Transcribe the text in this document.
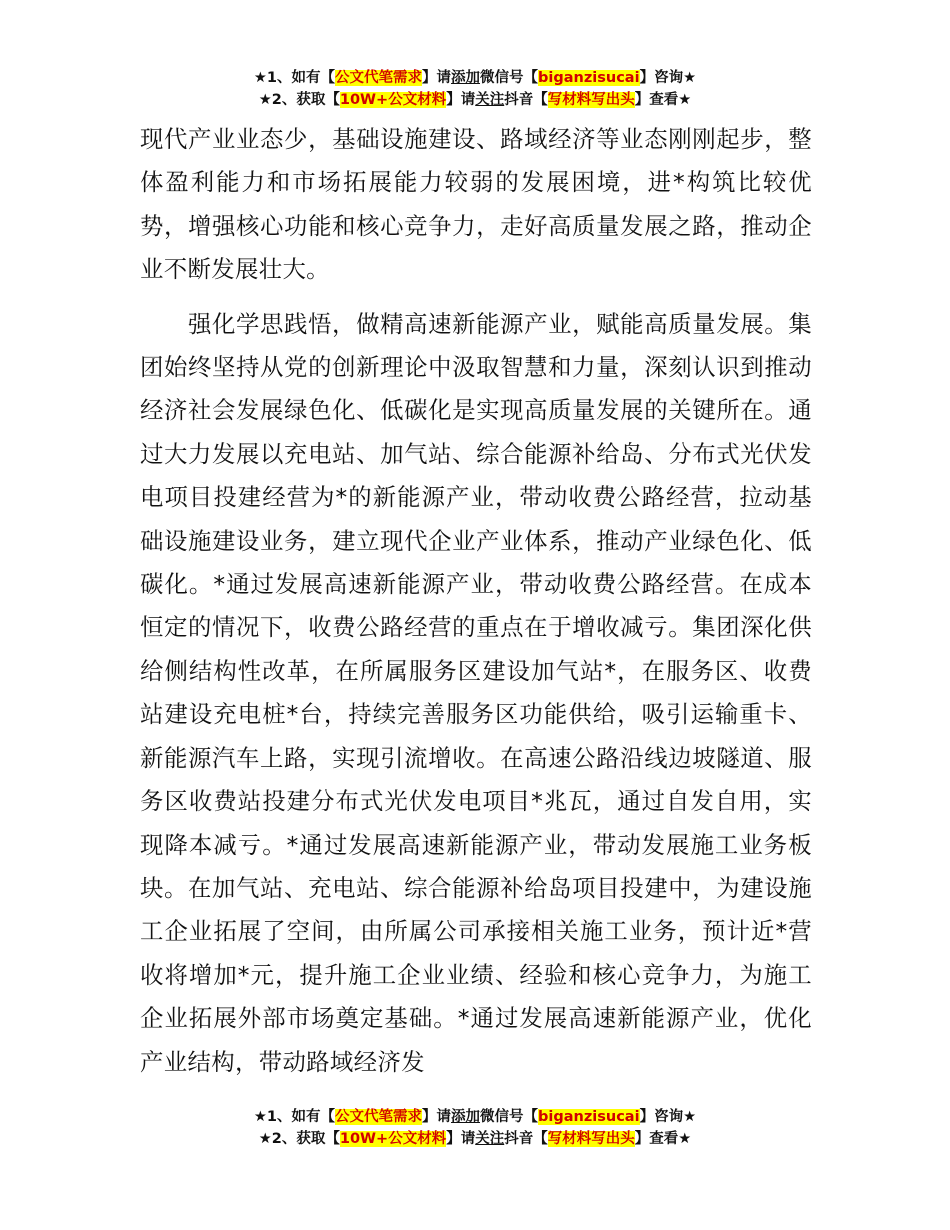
★1、如有【公文代笔需求】请添加微信号【biganzisucai】咨询★
★2、获取【10W+公文材料】请关注抖音【写材料写出头】查看★

现代产业业态少，基础设施建设、路域经济等业态刚刚起步，整体盈利能力和市场拓展能力较弱的发展困境，进*构筑比较优势，增强核心功能和核心竞争力，走好高质量发展之路，推动企业不断发展壮大。

强化学思践悟，做精高速新能源产业，赋能高质量发展。集团始终坚持从党的创新理论中汲取智慧和力量，深刻认识到推动经济社会发展绿色化、低碳化是实现高质量发展的关键所在。通过大力发展以充电站、加气站、综合能源补给岛、分布式光伏发电项目投建经营为*的新能源产业，带动收费公路经营，拉动基础设施建设业务，建立现代企业产业体系，推动产业绿色化、低碳化。*通过发展高速新能源产业，带动收费公路经营。在成本恒定的情况下，收费公路经营的重点在于增收减亏。集团深化供给侧结构性改革，在所属服务区建设加气站*，在服务区、收费站建设充电桩*台，持续完善服务区功能供给，吸引运输重卡、新能源汽车上路，实现引流增收。在高速公路沿线边坡隧道、服务区收费站投建分布式光伏发电项目*兆瓦，通过自发自用，实现降本减亏。*通过发展高速新能源产业，带动发展施工业务板块。在加气站、充电站、综合能源补给岛项目投建中，为建设施工企业拓展了空间，由所属公司承接相关施工业务，预计近*营收将增加*元，提升施工企业业绩、经验和核心竞争力，为施工企业拓展外部市场奠定基础。*通过发展高速新能源产业，优化产业结构，带动路域经济发

★1、如有【公文代笔需求】请添加微信号【biganzisucai】咨询★
★2、获取【10W+公文材料】请关注抖音【写材料写出头】查看★
